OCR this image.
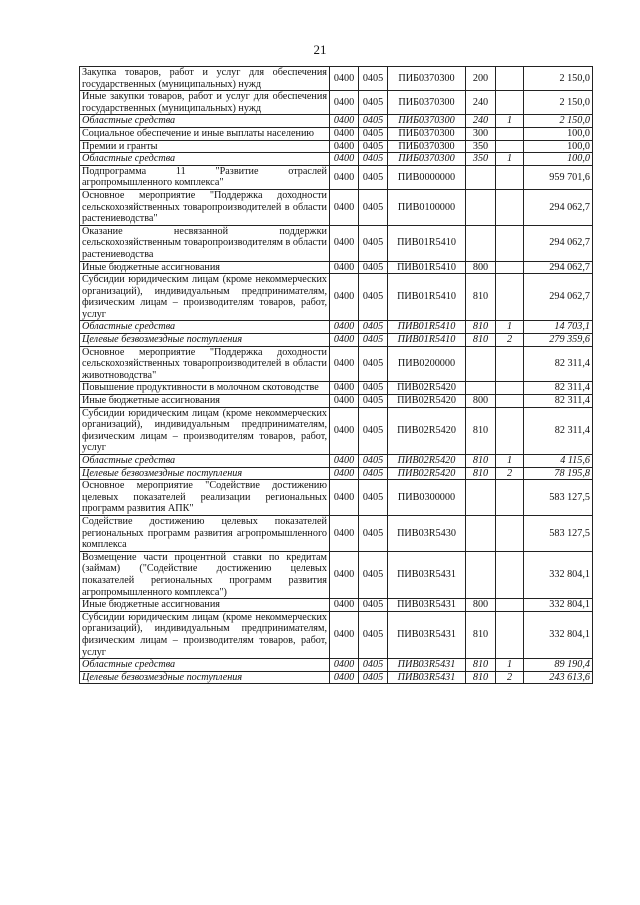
21
Закупка товаров, работ и услуг для обеспечения государственных (муниципальных) нужд	0400	0405	ПИБ0370300	200		2 150,0
Иные закупки товаров, работ и услуг для обеспечения государственных (муниципальных) нужд	0400	0405	ПИБ0370300	240		2 150,0
Областные средства	0400	0405	ПИБ0370300	240	1	2 150,0
Социальное обеспечение и иные выплаты населению	0400	0405	ПИБ0370300	300		100,0
Премии и гранты	0400	0405	ПИБ0370300	350		100,0
Областные средства	0400	0405	ПИБ0370300	350	1	100,0
Подпрограмма 11 "Развитие отраслей агропромышленного комплекса"	0400	0405	ПИВ0000000			959 701,6
Основное мероприятие "Поддержка доходности сельскохозяйственных товаропроизводителей в области растениеводства"	0400	0405	ПИВ0100000			294 062,7
Оказание несвязанной поддержки сельскохозяйственным товаропроизводителям в области растениеводства	0400	0405	ПИВ01R5410			294 062,7
Иные бюджетные ассигнования	0400	0405	ПИВ01R5410	800		294 062,7
Субсидии юридическим лицам (кроме некоммерческих организаций), индивидуальным предпринимателям, физическим лицам – производителям товаров, работ, услуг	0400	0405	ПИВ01R5410	810		294 062,7
Областные средства	0400	0405	ПИВ01R5410	810	1	14 703,1
Целевые безвозмездные поступления	0400	0405	ПИВ01R5410	810	2	279 359,6
Основное мероприятие "Поддержка доходности сельскохозяйственных товаропроизводителей в области животноводства"	0400	0405	ПИВ0200000			82 311,4
Повышение продуктивности в молочном скотоводстве	0400	0405	ПИВ02R5420			82 311,4
Иные бюджетные ассигнования	0400	0405	ПИВ02R5420	800		82 311,4
Субсидии юридическим лицам (кроме некоммерческих организаций), индивидуальным предпринимателям, физическим лицам – производителям товаров, работ, услуг	0400	0405	ПИВ02R5420	810		82 311,4
Областные средства	0400	0405	ПИВ02R5420	810	1	4 115,6
Целевые безвозмездные поступления	0400	0405	ПИВ02R5420	810	2	78 195,8
Основное мероприятие "Содействие достижению целевых показателей реализации региональных программ развития АПК"	0400	0405	ПИВ0300000			583 127,5
Содействие достижению целевых показателей региональных программ развития агропромышленного комплекса	0400	0405	ПИВ03R5430			583 127,5
Возмещение части процентной ставки по кредитам (займам) ("Содействие достижению целевых показателей региональных программ развития агропромышленного комплекса")	0400	0405	ПИВ03R5431			332 804,1
Иные бюджетные ассигнования	0400	0405	ПИВ03R5431	800		332 804,1
Субсидии юридическим лицам (кроме некоммерческих организаций), индивидуальным предпринимателям, физическим лицам – производителям товаров, работ, услуг	0400	0405	ПИВ03R5431	810		332 804,1
Областные средства	0400	0405	ПИВ03R5431	810	1	89 190,4
Целевые безвозмездные поступления	0400	0405	ПИВ03R5431	810	2	243 613,6
